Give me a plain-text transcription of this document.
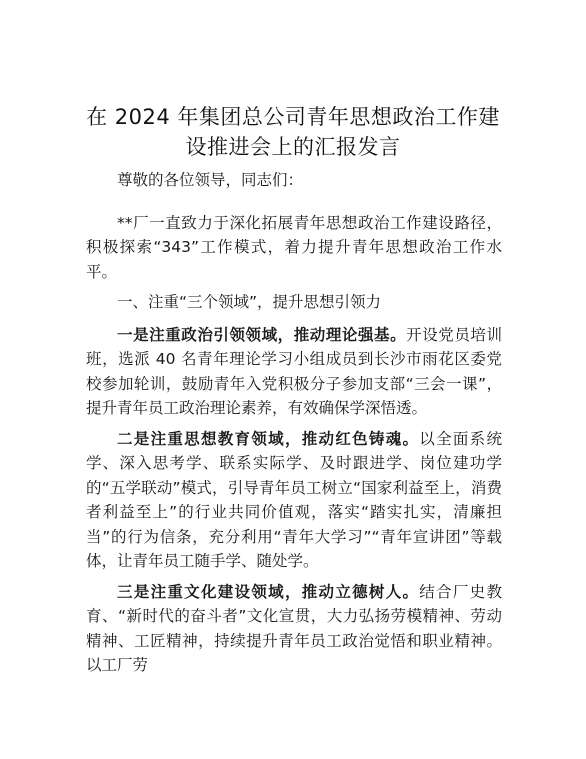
在 2024 年集团总公司青年思想政治工作建设推进会上的汇报发言

尊敬的各位领导，同志们：

**厂一直致力于深化拓展青年思想政治工作建设路径，积极探索“343”工作模式，着力提升青年思想政治工作水平。

一、注重“三个领域”，提升思想引领力

一是注重政治引领领域，推动理论强基。开设党员培训班，选派 40 名青年理论学习小组成员到长沙市雨花区委党校参加轮训，鼓励青年入党积极分子参加支部“三会一课”，提升青年员工政治理论素养，有效确保学深悟透。

二是注重思想教育领域，推动红色铸魂。以全面系统学、深入思考学、联系实际学、及时跟进学、岗位建功学的“五学联动”模式，引导青年员工树立“国家利益至上，消费者利益至上”的行业共同价值观，落实“踏实扎实，清廉担当”的行为信条，充分利用“青年大学习”“青年宣讲团”等载体，让青年员工随手学、随处学。

三是注重文化建设领域，推动立德树人。结合厂史教育、“新时代的奋斗者”文化宣贯，大力弘扬劳模精神、劳动精神、工匠精神，持续提升青年员工政治觉悟和职业精神。以工厂劳
